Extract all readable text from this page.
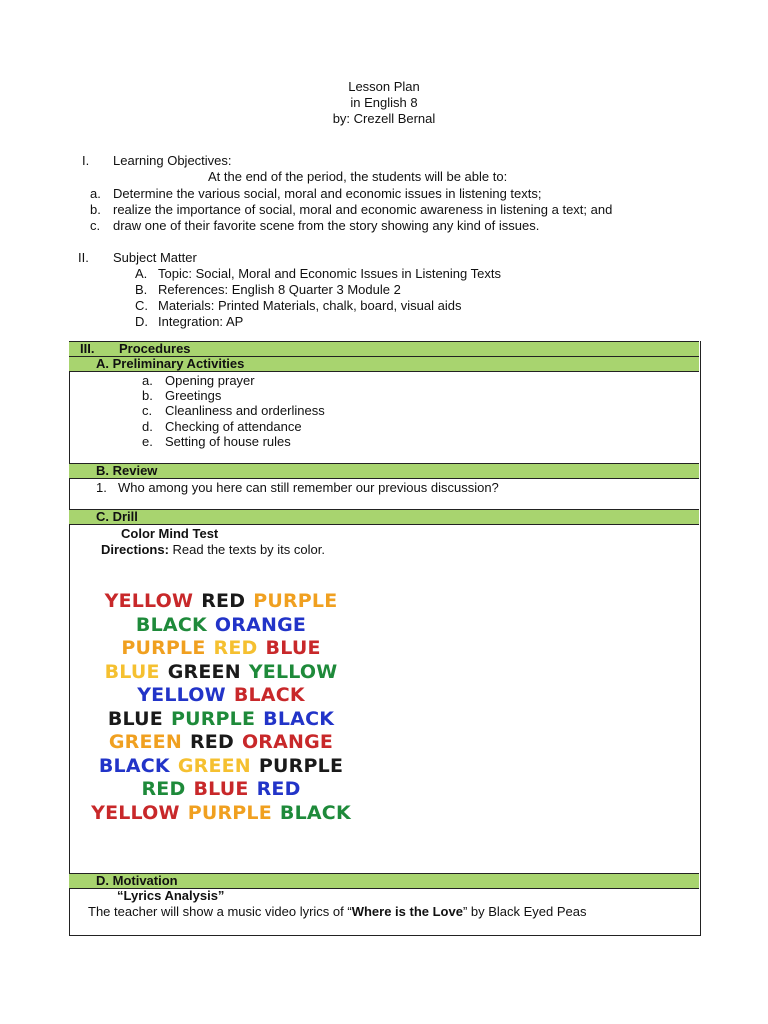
Lesson Plan
in English 8
by: Crezell Bernal
I. Learning Objectives:
At the end of the period, the students will be able to:
a. Determine the various social, moral and economic issues in listening texts;
b. realize the importance of social, moral and economic awareness in listening a text; and
c. draw one of their favorite scene from the story showing any kind of issues.
II. Subject Matter
A. Topic: Social, Moral and Economic Issues in Listening Texts
B. References: English 8 Quarter 3 Module 2
C. Materials: Printed Materials, chalk, board, visual aids
D. Integration: AP
III. Procedures
A. Preliminary Activities
a. Opening prayer
b. Greetings
c. Cleanliness and orderliness
d. Checking of attendance
e. Setting of house rules
B. Review
1. Who among you here can still remember our previous discussion?
C. Drill
Color Mind Test
Directions: Read the texts by its color.
YELLOW RED PURPLE
BLACK ORANGE
PURPLE RED BLUE
BLUE GREEN YELLOW
YELLOW BLACK
BLUE PURPLE BLACK
GREEN RED ORANGE
BLACK GREEN PURPLE
RED BLUE RED
YELLOW PURPLE BLACK
D. Motivation
“Lyrics Analysis”
The teacher will show a music video lyrics of “Where is the Love” by Black Eyed Peas
